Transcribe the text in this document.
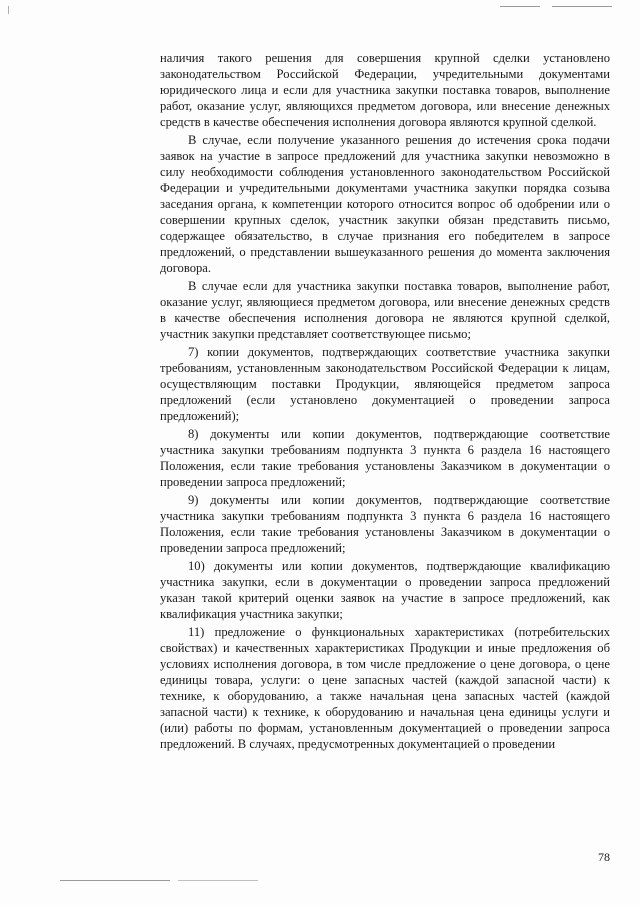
наличия такого решения для совершения крупной сделки установлено законодательством Российской Федерации, учредительными документами юридического лица и если для участника закупки поставка товаров, выполнение работ, оказание услуг, являющихся предметом договора, или внесение денежных средств в качестве обеспечения исполнения договора являются крупной сделкой.

В случае, если получение указанного решения до истечения срока подачи заявок на участие в запросе предложений для участника закупки невозможно в силу необходимости соблюдения установленного законодательством Российской Федерации и учредительными документами участника закупки порядка созыва заседания органа, к компетенции которого относится вопрос об одобрении или о совершении крупных сделок, участник закупки обязан представить письмо, содержащее обязательство, в случае признания его победителем в запросе предложений, о представлении вышеуказанного решения до момента заключения договора.

В случае если для участника закупки поставка товаров, выполнение работ, оказание услуг, являющиеся предметом договора, или внесение денежных средств в качестве обеспечения исполнения договора не являются крупной сделкой, участник закупки представляет соответствующее письмо;

7) копии документов, подтверждающих соответствие участника закупки требованиям, установленным законодательством Российской Федерации к лицам, осуществляющим поставки Продукции, являющейся предметом запроса предложений (если установлено документацией о проведении запроса предложений);

8) документы или копии документов, подтверждающие соответствие участника закупки требованиям подпункта 3 пункта 6 раздела 16 настоящего Положения, если такие требования установлены Заказчиком в документации о проведении запроса предложений;

9) документы или копии документов, подтверждающие соответствие участника закупки требованиям подпункта 3 пункта 6 раздела 16 настоящего Положения, если такие требования установлены Заказчиком в документации о проведении запроса предложений;

10) документы или копии документов, подтверждающие квалификацию участника закупки, если в документации о проведении запроса предложений указан такой критерий оценки заявок на участие в запросе предложений, как квалификация участника закупки;

11) предложение о функциональных характеристиках (потребительских свойствах) и качественных характеристиках Продукции и иные предложения об условиях исполнения договора, в том числе предложение о цене договора, о цене единицы товара, услуги: о цене запасных частей (каждой запасной части) к технике, к оборудованию, а также начальная цена запасных частей (каждой запасной части) к технике, к оборудованию и начальная цена единицы услуги и (или) работы по формам, установленным документацией о проведении запроса предложений. В случаях, предусмотренных документацией о проведении

78
